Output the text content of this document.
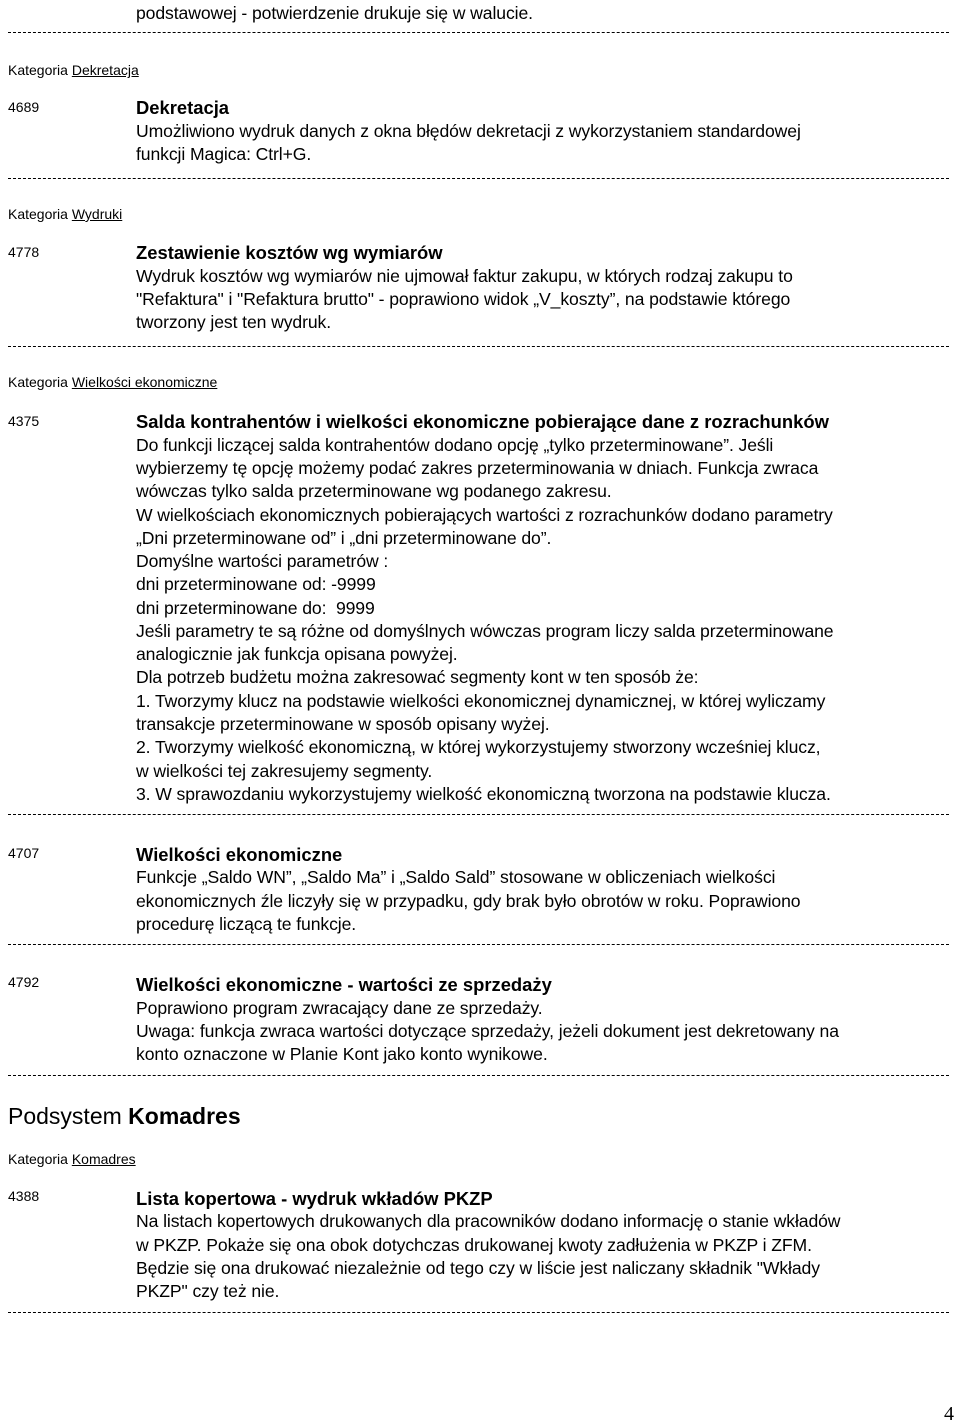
podstawowej - potwierdzenie drukuje się w walucie.
Kategoria Dekretacja
4689	Dekretacja
Umożliwiono wydruk danych z okna błędów dekretacji z wykorzystaniem standardowej
funkcji Magica: Ctrl+G.
Kategoria Wydruki
4778	Zestawienie kosztów wg wymiarów
Wydruk kosztów wg wymiarów nie ujmował faktur zakupu, w których rodzaj zakupu to
"Refaktura" i "Refaktura brutto" - poprawiono widok „V_koszty”, na podstawie którego
tworzony jest ten wydruk.
Kategoria Wielkości ekonomiczne
4375	Salda kontrahentów i wielkości ekonomiczne pobierające dane z rozrachunków
Do funkcji liczącej salda kontrahentów dodano opcję „tylko przeterminowane”. Jeśli
wybierzemy tę opcję możemy podać zakres przeterminowania w dniach. Funkcja zwraca
wówczas tylko salda przeterminowane wg podanego zakresu.
W wielkościach ekonomicznych pobierających wartości z rozrachunków dodano parametry
„Dni przeterminowane od” i „dni przeterminowane do”.
Domyślne wartości parametrów :
dni przeterminowane od: -9999
dni przeterminowane do:  9999
Jeśli parametry te są różne od domyślnych wówczas program liczy salda przeterminowane
analogicznie jak funkcja opisana powyżej.
Dla potrzeb budżetu można zakresować segmenty kont w ten sposób że:
1. Tworzymy klucz na podstawie wielkości ekonomicznej dynamicznej, w której wyliczamy
transakcje przeterminowane w sposób opisany wyżej.
2. Tworzymy wielkość ekonomiczną, w której wykorzystujemy stworzony wcześniej klucz,
w wielkości tej zakresujemy segmenty.
3. W sprawozdaniu wykorzystujemy wielkość ekonomiczną tworzona na podstawie klucza.
4707	Wielkości ekonomiczne
Funkcje „Saldo WN”, „Saldo Ma” i „Saldo Sald” stosowane w obliczeniach wielkości
ekonomicznych źle liczyły się w przypadku, gdy brak było obrotów w roku. Poprawiono
procedurę liczącą te funkcje.
4792	Wielkości ekonomiczne - wartości ze sprzedaży
Poprawiono program zwracający dane ze sprzedaży.
Uwaga: funkcja zwraca wartości dotyczące sprzedaży, jeżeli dokument jest dekretowany na
konto oznaczone w Planie Kont jako konto wynikowe.
Podsystem Komadres
Kategoria Komadres
4388	Lista kopertowa - wydruk wkładów PKZP
Na listach kopertowych drukowanych dla pracowników dodano informację o stanie wkładów
w PKZP. Pokaże się ona obok dotychczas drukowanej kwoty zadłużenia w PKZP i ZFM.
Będzie się ona drukować niezależnie od tego czy w liście jest naliczany składnik "Wkłady
PKZP" czy też nie.
4
